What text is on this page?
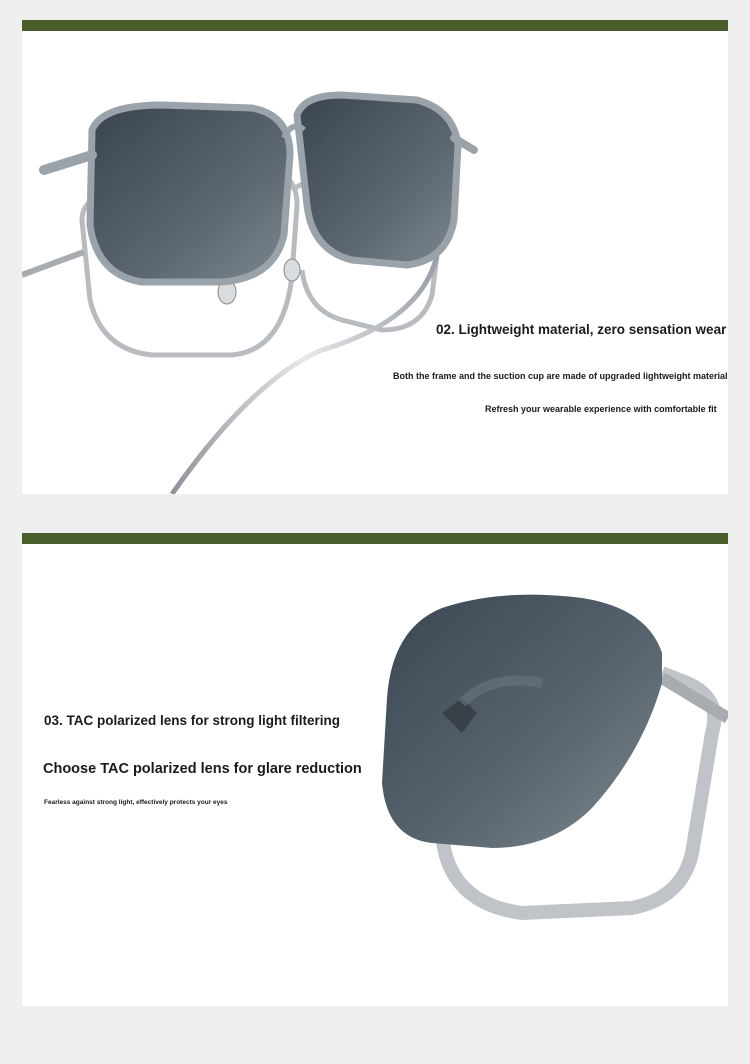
02. Lightweight material, zero sensation wear
Both the frame and the suction cup are made of upgraded lightweight material
Refresh your wearable experience with comfortable fit
03. TAC polarized lens for strong light filtering
Choose TAC polarized lens for glare reduction
Fearless against strong light, effectively protects your eyes
